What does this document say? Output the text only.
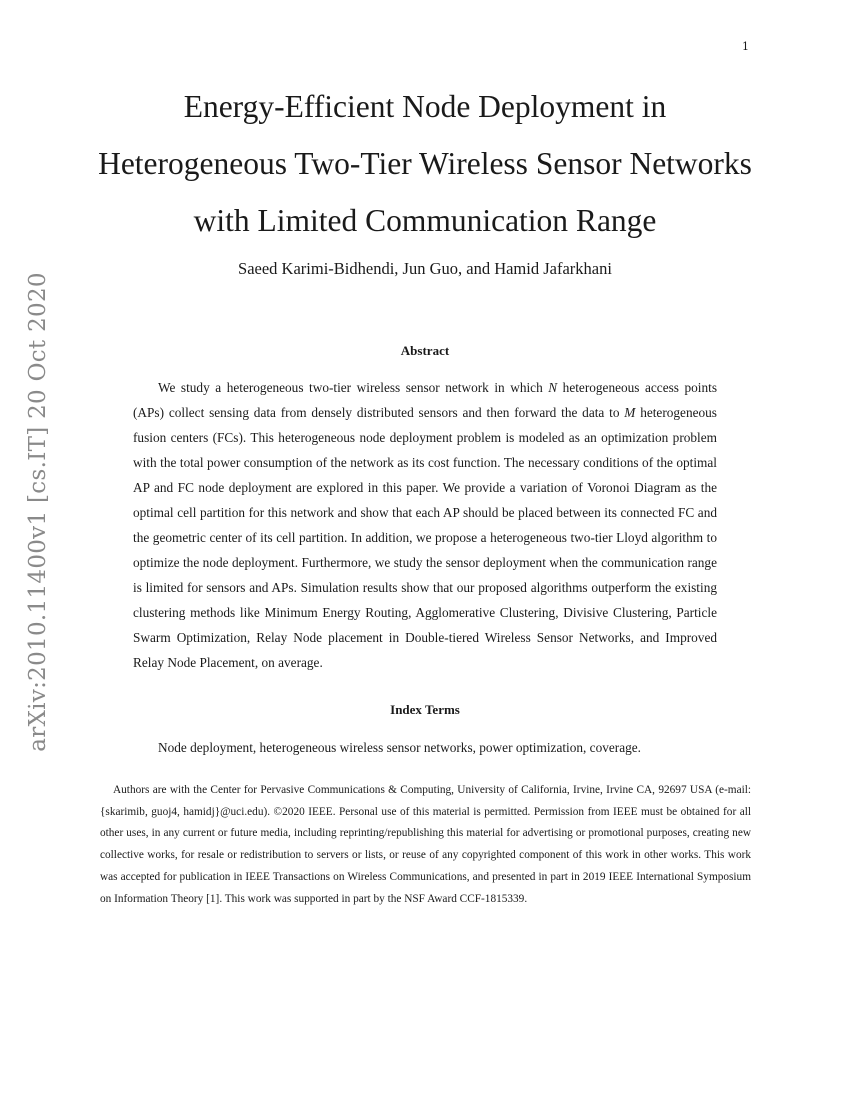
1
arXiv:2010.11400v1 [cs.IT] 20 Oct 2020
Energy-Efficient Node Deployment in Heterogeneous Two-Tier Wireless Sensor Networks with Limited Communication Range

Saeed Karimi-Bidhendi, Jun Guo, and Hamid Jafarkhani

Abstract

We study a heterogeneous two-tier wireless sensor network in which N heterogeneous access points (APs) collect sensing data from densely distributed sensors and then forward the data to M heterogeneous fusion centers (FCs). This heterogeneous node deployment problem is modeled as an optimization problem with the total power consumption of the network as its cost function. The necessary conditions of the optimal AP and FC node deployment are explored in this paper. We provide a variation of Voronoi Diagram as the optimal cell partition for this network and show that each AP should be placed between its connected FC and the geometric center of its cell partition. In addition, we propose a heterogeneous two-tier Lloyd algorithm to optimize the node deployment. Furthermore, we study the sensor deployment when the communication range is limited for sensors and APs. Simulation results show that our proposed algorithms outperform the existing clustering methods like Minimum Energy Routing, Agglomerative Clustering, Divisive Clustering, Particle Swarm Optimization, Relay Node placement in Double-tiered Wireless Sensor Networks, and Improved Relay Node Placement, on average.

Index Terms

Node deployment, heterogeneous wireless sensor networks, power optimization, coverage.

Authors are with the Center for Pervasive Communications & Computing, University of California, Irvine, Irvine CA, 92697 USA (e-mail: {skarimib, guoj4, hamidj}@uci.edu). ©2020 IEEE. Personal use of this material is permitted. Permission from IEEE must be obtained for all other uses, in any current or future media, including reprinting/republishing this material for advertising or promotional purposes, creating new collective works, for resale or redistribution to servers or lists, or reuse of any copyrighted component of this work in other works. This work was accepted for publication in IEEE Transactions on Wireless Communications, and presented in part in 2019 IEEE International Symposium on Information Theory [1]. This work was supported in part by the NSF Award CCF-1815339.
